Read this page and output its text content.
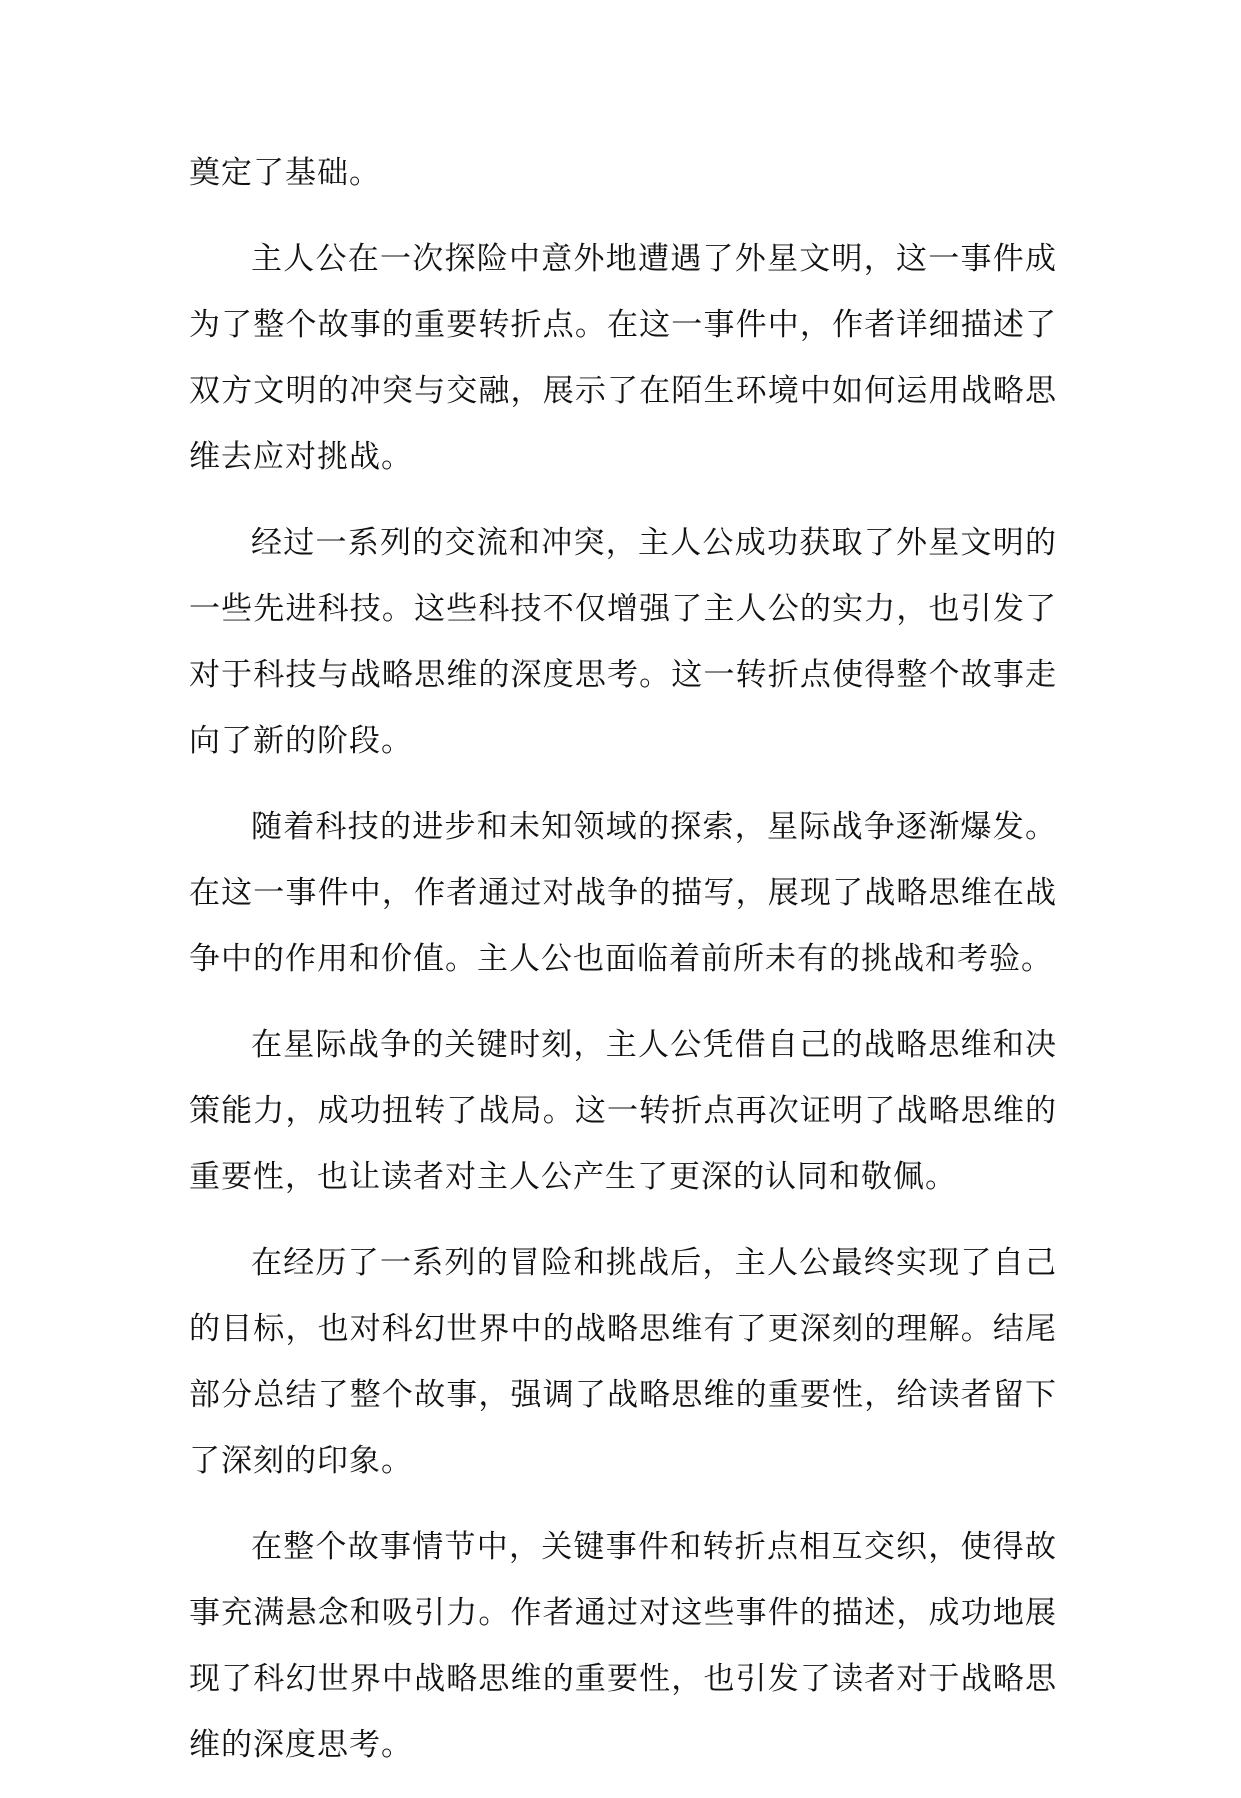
奠定了基础。

主人公在一次探险中意外地遭遇了外星文明，这一事件成为了整个故事的重要转折点。在这一事件中，作者详细描述了双方文明的冲突与交融，展示了在陌生环境中如何运用战略思维去应对挑战。

经过一系列的交流和冲突，主人公成功获取了外星文明的一些先进科技。这些科技不仅增强了主人公的实力，也引发了对于科技与战略思维的深度思考。这一转折点使得整个故事走向了新的阶段。

随着科技的进步和未知领域的探索，星际战争逐渐爆发。在这一事件中，作者通过对战争的描写，展现了战略思维在战争中的作用和价值。主人公也面临着前所未有的挑战和考验。

在星际战争的关键时刻，主人公凭借自己的战略思维和决策能力，成功扭转了战局。这一转折点再次证明了战略思维的重要性，也让读者对主人公产生了更深的认同和敬佩。

在经历了一系列的冒险和挑战后，主人公最终实现了自己的目标，也对科幻世界中的战略思维有了更深刻的理解。结尾部分总结了整个故事，强调了战略思维的重要性，给读者留下了深刻的印象。

在整个故事情节中，关键事件和转折点相互交织，使得故事充满悬念和吸引力。作者通过对这些事件的描述，成功地展现了科幻世界中战略思维的重要性，也引发了读者对于战略思维的深度思考。
